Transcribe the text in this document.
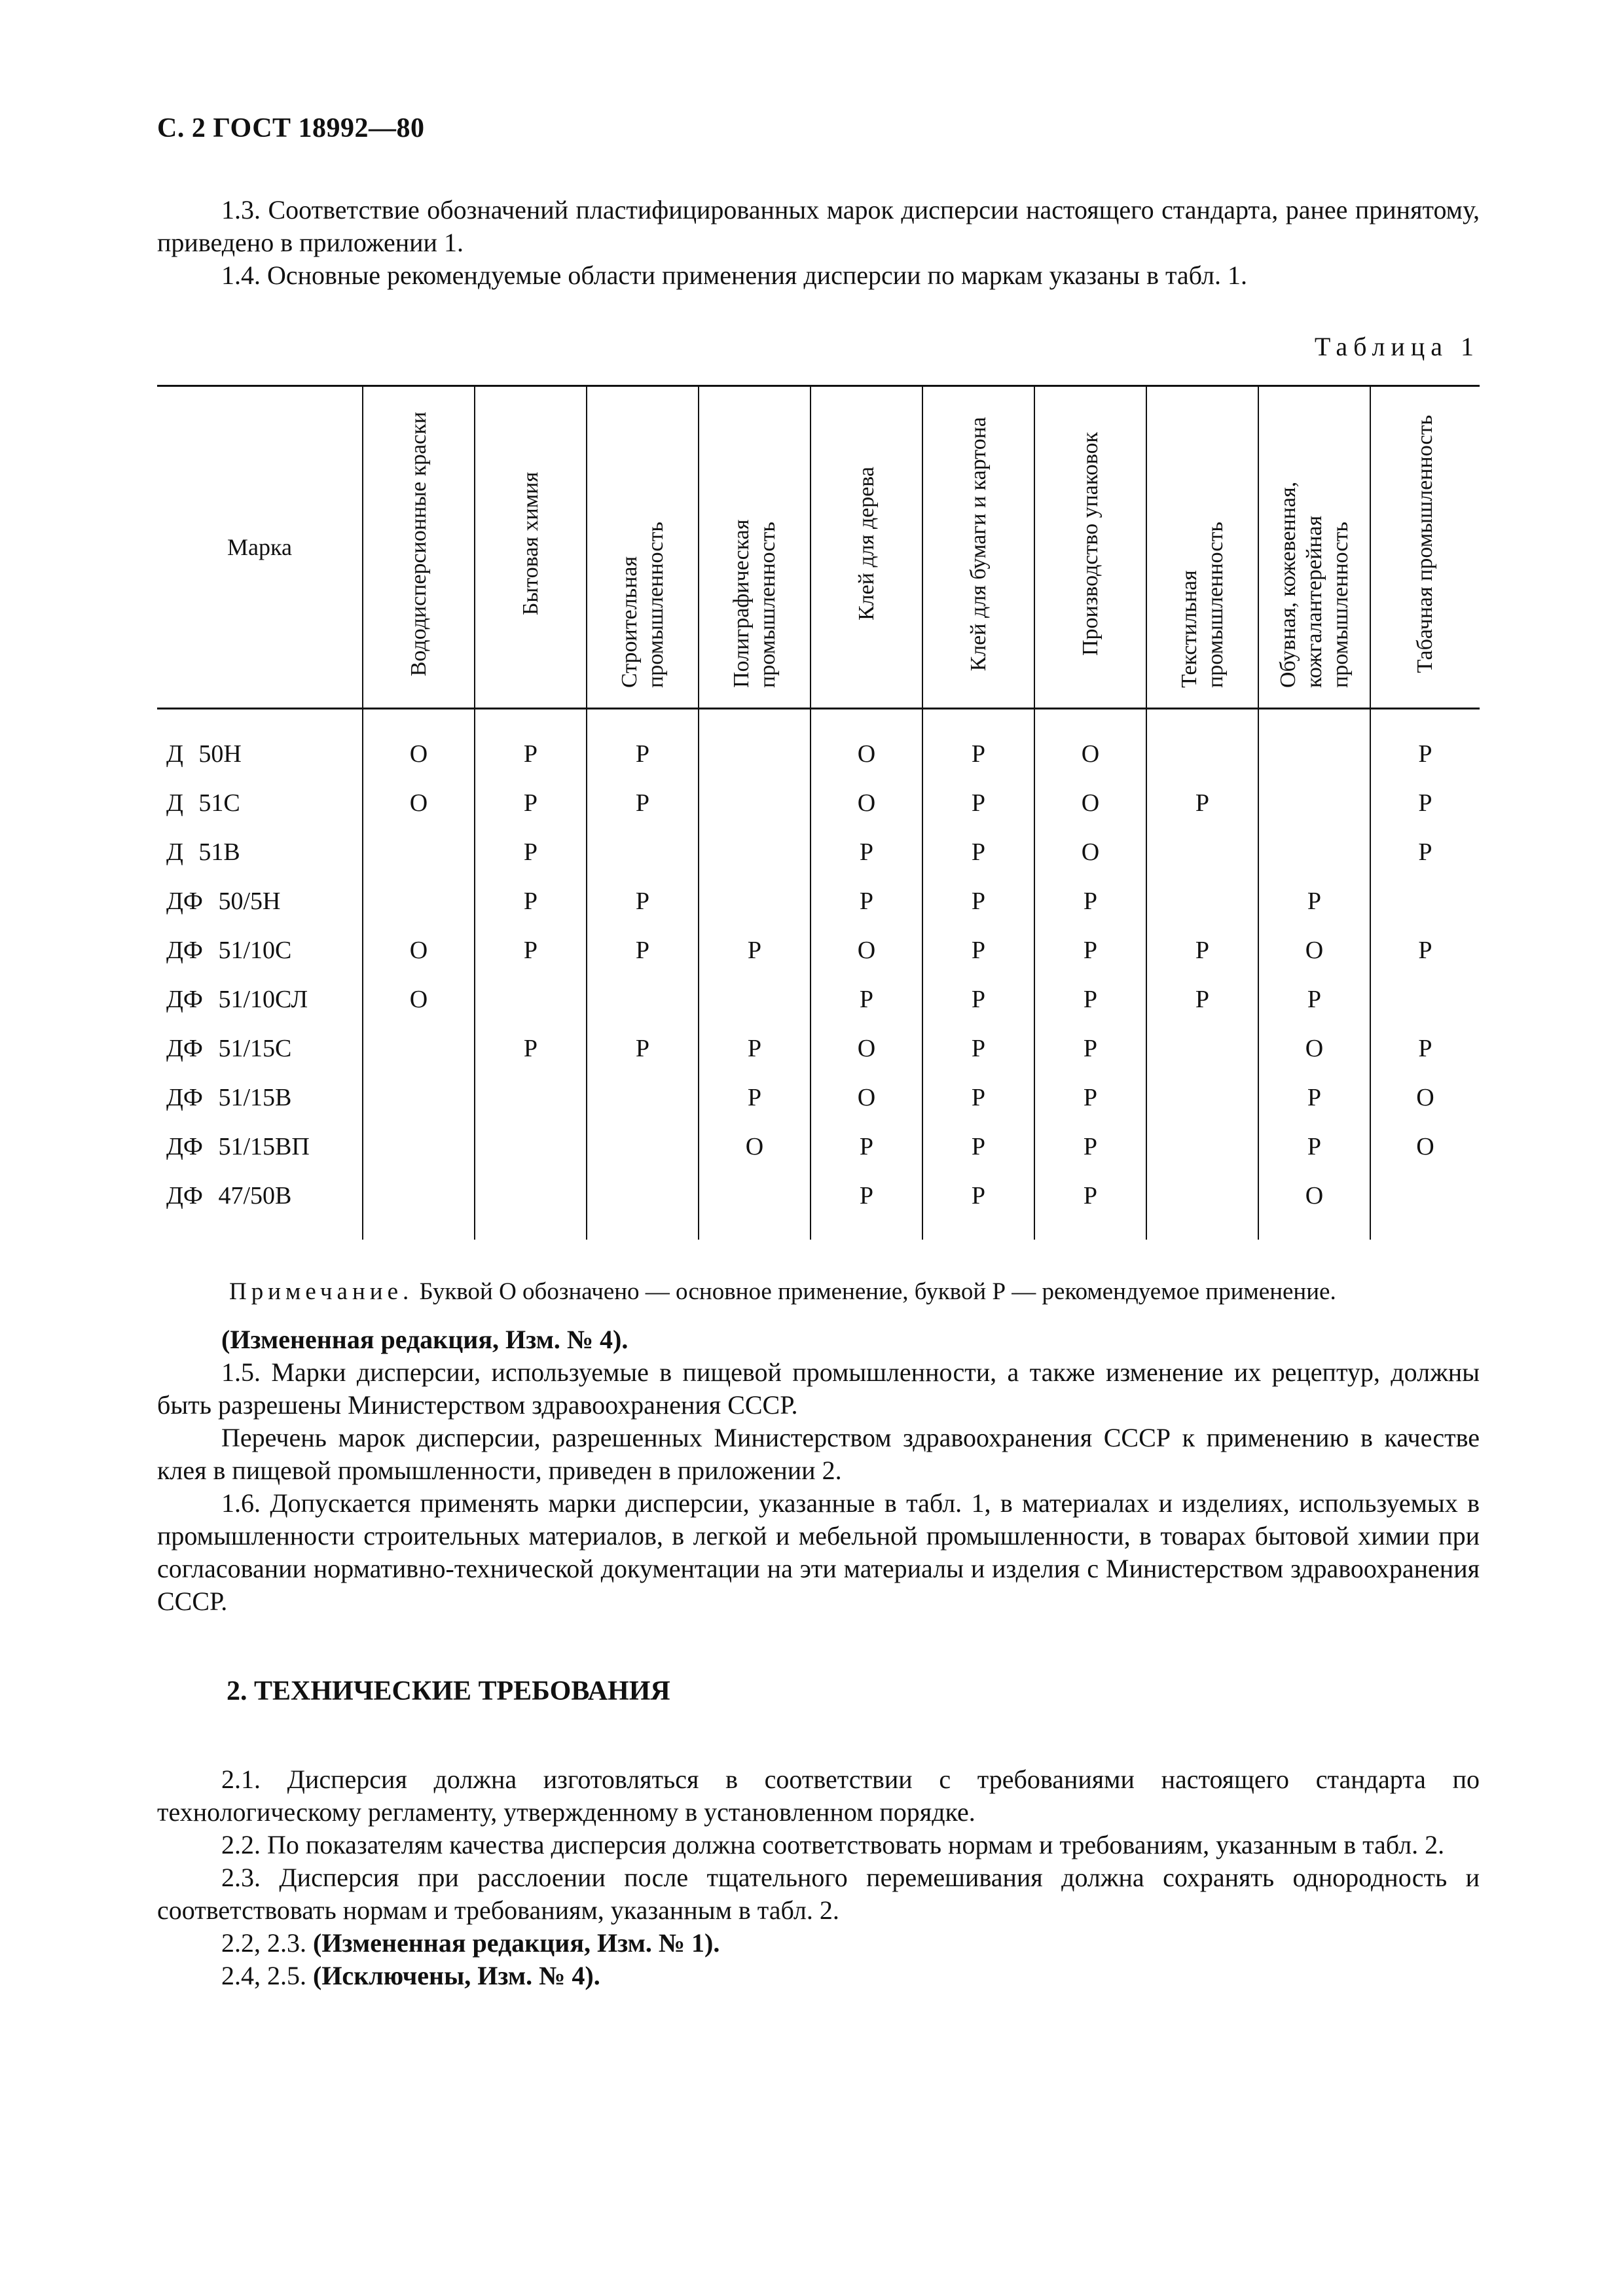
С. 2 ГОСТ 18992—80

1.3. Соответствие обозначений пластифицированных марок дисперсии настоящего стандарта, ранее принятому, приведено в приложении 1.

1.4. Основные рекомендуемые области применения дисперсии по маркам указаны в табл. 1.

Таблица 1
Марка	Вододисперсионные краски	Бытовая химия	Строительная промышленность	Полиграфическая промышленность	Клей для дерева	Клей для бумаги и картона	Производство упаковок	Текстильная промышленность	Обувная, кожевенная, кожгалантерейная промышленность	Табачная промышленность
Д 50Н	О	Р	Р		О	Р	О			Р
Д 51С	О	Р	Р		О	Р	О	Р		Р
Д 51В		Р			Р	Р	О			Р
ДФ 50/5Н		Р	Р		Р	Р	Р		Р	
ДФ 51/10С	О	Р	Р	Р	О	Р	Р	Р	О	Р
ДФ 51/10СЛ	О				Р	Р	Р	Р	Р	
ДФ 51/15С		Р	Р	Р	О	Р	Р		О	Р
ДФ 51/15В				Р	О	Р	Р		Р	О
ДФ 51/15ВП				О	Р	Р	Р		Р	О
ДФ 47/50В					Р	Р	Р		О	
Примечание. Буквой О обозначено — основное применение, буквой Р — рекомендуемое применение.

(Измененная редакция, Изм. № 4).

1.5. Марки дисперсии, используемые в пищевой промышленности, а также изменение их рецептур, должны быть разрешены Министерством здравоохранения СССР.

Перечень марок дисперсии, разрешенных Министерством здравоохранения СССР к применению в качестве клея в пищевой промышленности, приведен в приложении 2.

1.6. Допускается применять марки дисперсии, указанные в табл. 1, в материалах и изделиях, используемых в промышленности строительных материалов, в легкой и мебельной промышленности, в товарах бытовой химии при согласовании нормативно-технической документации на эти материалы и изделия с Министерством здравоохранения СССР.

2. ТЕХНИЧЕСКИЕ ТРЕБОВАНИЯ

2.1. Дисперсия должна изготовляться в соответствии с требованиями настоящего стандарта по технологическому регламенту, утвержденному в установленном порядке.

2.2. По показателям качества дисперсия должна соответствовать нормам и требованиям, указанным в табл. 2.

2.3. Дисперсия при расслоении после тщательного перемешивания должна сохранять однородность и соответствовать нормам и требованиям, указанным в табл. 2.

2.2, 2.3. (Измененная редакция, Изм. № 1).

2.4, 2.5. (Исключены, Изм. № 4).
